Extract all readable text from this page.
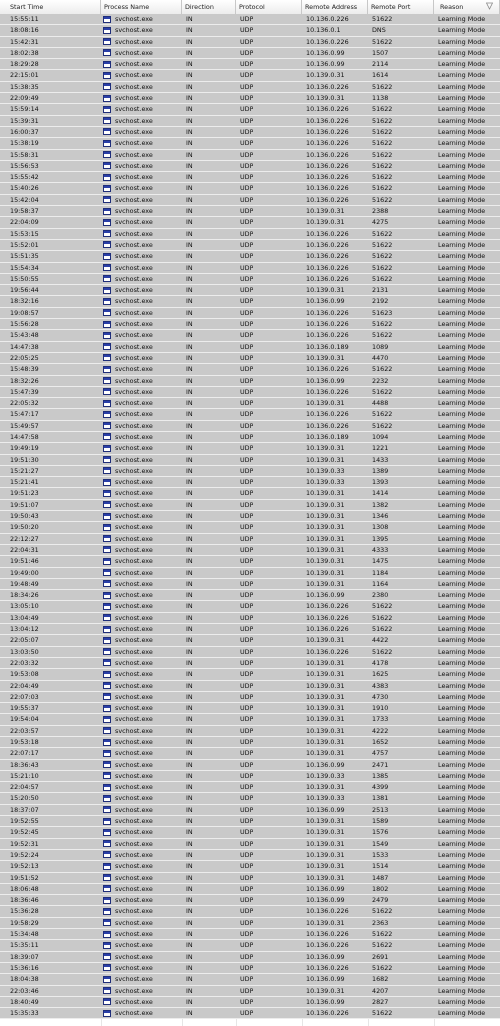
Start Time	Process Name	Direction	Protocol	Remote Address	Remote Port	Reason
15:55:11	svchost.exe	IN	UDP	10.136.0.226	51622	Learning Mode
18:08:16	svchost.exe	IN	UDP	10.136.0.1	DNS	Learning Mode
15:42:31	svchost.exe	IN	UDP	10.136.0.226	51622	Learning Mode
18:02:38	svchost.exe	IN	UDP	10.136.0.99	1507	Learning Mode
18:29:28	svchost.exe	IN	UDP	10.136.0.99	2114	Learning Mode
22:15:01	svchost.exe	IN	UDP	10.139.0.31	1614	Learning Mode
15:38:35	svchost.exe	IN	UDP	10.136.0.226	51622	Learning Mode
22:09:49	svchost.exe	IN	UDP	10.139.0.31	1138	Learning Mode
15:59:14	svchost.exe	IN	UDP	10.136.0.226	51622	Learning Mode
15:39:31	svchost.exe	IN	UDP	10.136.0.226	51622	Learning Mode
16:00:37	svchost.exe	IN	UDP	10.136.0.226	51622	Learning Mode
15:38:19	svchost.exe	IN	UDP	10.136.0.226	51622	Learning Mode
15:58:31	svchost.exe	IN	UDP	10.136.0.226	51622	Learning Mode
15:56:53	svchost.exe	IN	UDP	10.136.0.226	51622	Learning Mode
15:55:42	svchost.exe	IN	UDP	10.136.0.226	51622	Learning Mode
15:40:26	svchost.exe	IN	UDP	10.136.0.226	51622	Learning Mode
15:42:04	svchost.exe	IN	UDP	10.136.0.226	51622	Learning Mode
19:58:37	svchost.exe	IN	UDP	10.139.0.31	2388	Learning Mode
22:04:09	svchost.exe	IN	UDP	10.139.0.31	4275	Learning Mode
15:53:15	svchost.exe	IN	UDP	10.136.0.226	51622	Learning Mode
15:52:01	svchost.exe	IN	UDP	10.136.0.226	51622	Learning Mode
15:51:35	svchost.exe	IN	UDP	10.136.0.226	51622	Learning Mode
15:54:34	svchost.exe	IN	UDP	10.136.0.226	51622	Learning Mode
15:50:55	svchost.exe	IN	UDP	10.136.0.226	51622	Learning Mode
19:56:44	svchost.exe	IN	UDP	10.139.0.31	2131	Learning Mode
18:32:16	svchost.exe	IN	UDP	10.136.0.99	2192	Learning Mode
19:08:57	svchost.exe	IN	UDP	10.136.0.226	51623	Learning Mode
15:56:28	svchost.exe	IN	UDP	10.136.0.226	51622	Learning Mode
15:43:48	svchost.exe	IN	UDP	10.136.0.226	51622	Learning Mode
14:47:38	svchost.exe	IN	UDP	10.136.0.189	1089	Learning Mode
22:05:25	svchost.exe	IN	UDP	10.139.0.31	4470	Learning Mode
15:48:39	svchost.exe	IN	UDP	10.136.0.226	51622	Learning Mode
18:32:26	svchost.exe	IN	UDP	10.136.0.99	2232	Learning Mode
15:47:39	svchost.exe	IN	UDP	10.136.0.226	51622	Learning Mode
22:05:32	svchost.exe	IN	UDP	10.139.0.31	4488	Learning Mode
15:47:17	svchost.exe	IN	UDP	10.136.0.226	51622	Learning Mode
15:49:57	svchost.exe	IN	UDP	10.136.0.226	51622	Learning Mode
14:47:58	svchost.exe	IN	UDP	10.136.0.189	1094	Learning Mode
19:49:19	svchost.exe	IN	UDP	10.139.0.31	1221	Learning Mode
19:51:30	svchost.exe	IN	UDP	10.139.0.31	1433	Learning Mode
15:21:27	svchost.exe	IN	UDP	10.139.0.33	1389	Learning Mode
15:21:41	svchost.exe	IN	UDP	10.139.0.33	1393	Learning Mode
19:51:23	svchost.exe	IN	UDP	10.139.0.31	1414	Learning Mode
19:51:07	svchost.exe	IN	UDP	10.139.0.31	1382	Learning Mode
19:50:43	svchost.exe	IN	UDP	10.139.0.31	1346	Learning Mode
19:50:20	svchost.exe	IN	UDP	10.139.0.31	1308	Learning Mode
22:12:27	svchost.exe	IN	UDP	10.139.0.31	1395	Learning Mode
22:04:31	svchost.exe	IN	UDP	10.139.0.31	4333	Learning Mode
19:51:46	svchost.exe	IN	UDP	10.139.0.31	1475	Learning Mode
19:49:00	svchost.exe	IN	UDP	10.139.0.31	1184	Learning Mode
19:48:49	svchost.exe	IN	UDP	10.139.0.31	1164	Learning Mode
18:34:26	svchost.exe	IN	UDP	10.136.0.99	2380	Learning Mode
13:05:10	svchost.exe	IN	UDP	10.136.0.226	51622	Learning Mode
13:04:49	svchost.exe	IN	UDP	10.136.0.226	51622	Learning Mode
13:04:12	svchost.exe	IN	UDP	10.136.0.226	51622	Learning Mode
22:05:07	svchost.exe	IN	UDP	10.139.0.31	4422	Learning Mode
13:03:50	svchost.exe	IN	UDP	10.136.0.226	51622	Learning Mode
22:03:32	svchost.exe	IN	UDP	10.139.0.31	4178	Learning Mode
19:53:08	svchost.exe	IN	UDP	10.139.0.31	1625	Learning Mode
22:04:49	svchost.exe	IN	UDP	10.139.0.31	4383	Learning Mode
22:07:03	svchost.exe	IN	UDP	10.139.0.31	4730	Learning Mode
19:55:37	svchost.exe	IN	UDP	10.139.0.31	1910	Learning Mode
19:54:04	svchost.exe	IN	UDP	10.139.0.31	1733	Learning Mode
22:03:57	svchost.exe	IN	UDP	10.139.0.31	4222	Learning Mode
19:53:18	svchost.exe	IN	UDP	10.139.0.31	1652	Learning Mode
22:07:17	svchost.exe	IN	UDP	10.139.0.31	4757	Learning Mode
18:36:43	svchost.exe	IN	UDP	10.136.0.99	2471	Learning Mode
15:21:10	svchost.exe	IN	UDP	10.139.0.33	1385	Learning Mode
22:04:57	svchost.exe	IN	UDP	10.139.0.31	4399	Learning Mode
15:20:50	svchost.exe	IN	UDP	10.139.0.33	1381	Learning Mode
18:37:07	svchost.exe	IN	UDP	10.136.0.99	2513	Learning Mode
19:52:55	svchost.exe	IN	UDP	10.139.0.31	1589	Learning Mode
19:52:45	svchost.exe	IN	UDP	10.139.0.31	1576	Learning Mode
19:52:31	svchost.exe	IN	UDP	10.139.0.31	1549	Learning Mode
19:52:24	svchost.exe	IN	UDP	10.139.0.31	1533	Learning Mode
19:52:13	svchost.exe	IN	UDP	10.139.0.31	1514	Learning Mode
19:51:52	svchost.exe	IN	UDP	10.139.0.31	1487	Learning Mode
18:06:48	svchost.exe	IN	UDP	10.136.0.99	1802	Learning Mode
18:36:46	svchost.exe	IN	UDP	10.136.0.99	2479	Learning Mode
15:36:28	svchost.exe	IN	UDP	10.136.0.226	51622	Learning Mode
19:58:29	svchost.exe	IN	UDP	10.139.0.31	2363	Learning Mode
15:34:48	svchost.exe	IN	UDP	10.136.0.226	51622	Learning Mode
15:35:11	svchost.exe	IN	UDP	10.136.0.226	51622	Learning Mode
18:39:07	svchost.exe	IN	UDP	10.136.0.99	2691	Learning Mode
15:36:16	svchost.exe	IN	UDP	10.136.0.226	51622	Learning Mode
18:04:38	svchost.exe	IN	UDP	10.136.0.99	1682	Learning Mode
22:03:46	svchost.exe	IN	UDP	10.139.0.31	4207	Learning Mode
18:40:49	svchost.exe	IN	UDP	10.136.0.99	2827	Learning Mode
15:35:33	svchost.exe	IN	UDP	10.136.0.226	51622	Learning Mode
